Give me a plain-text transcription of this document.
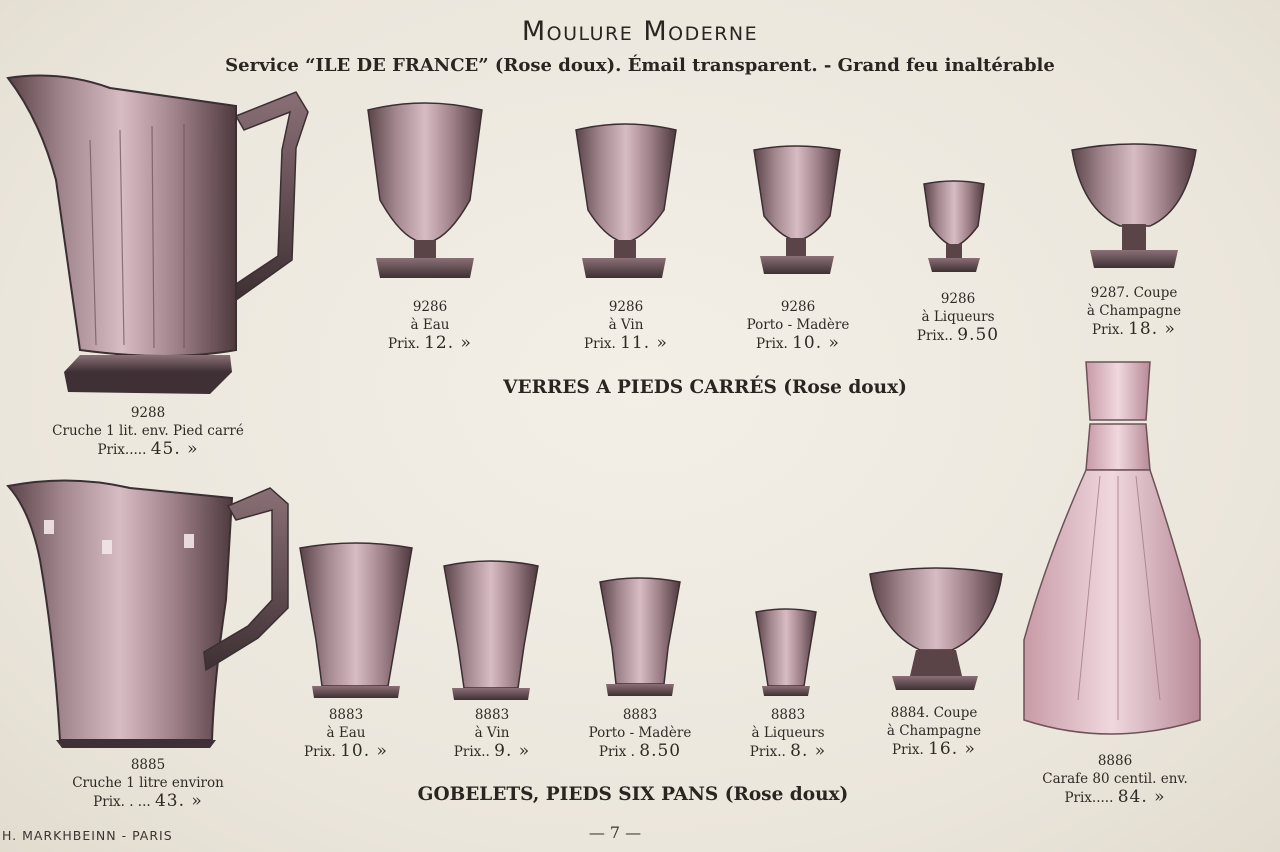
Moulure Moderne
Service “ILE DE FRANCE” (Rose doux). Émail transparent. - Grand feu inaltérable
VERRES A PIEDS CARRÉS (Rose doux)
GOBELETS, PIEDS SIX PANS (Rose doux)
9288
Cruche 1 lit. env. Pied carré
Prix..... 45. »
9286
à Eau
Prix. 12. »
9286
à Vin
Prix. 11. »
9286
Porto - Madère
Prix. 10. »
9286
à Liqueurs
Prix.. 9.50
9287. Coupe
à Champagne
Prix. 18. »
8885
Cruche 1 litre environ
Prix. . ... 43. »
8883
à Eau
Prix. 10. »
8883
à Vin
Prix.. 9. »
8883
Porto - Madère
Prix . 8.50
8883
à Liqueurs
Prix.. 8. »
8884. Coupe
à Champagne
Prix. 16. »
8886
Carafe 80 centil. env.
Prix..... 84. »
H. MARKHBEINN - PARIS	— 7 —
